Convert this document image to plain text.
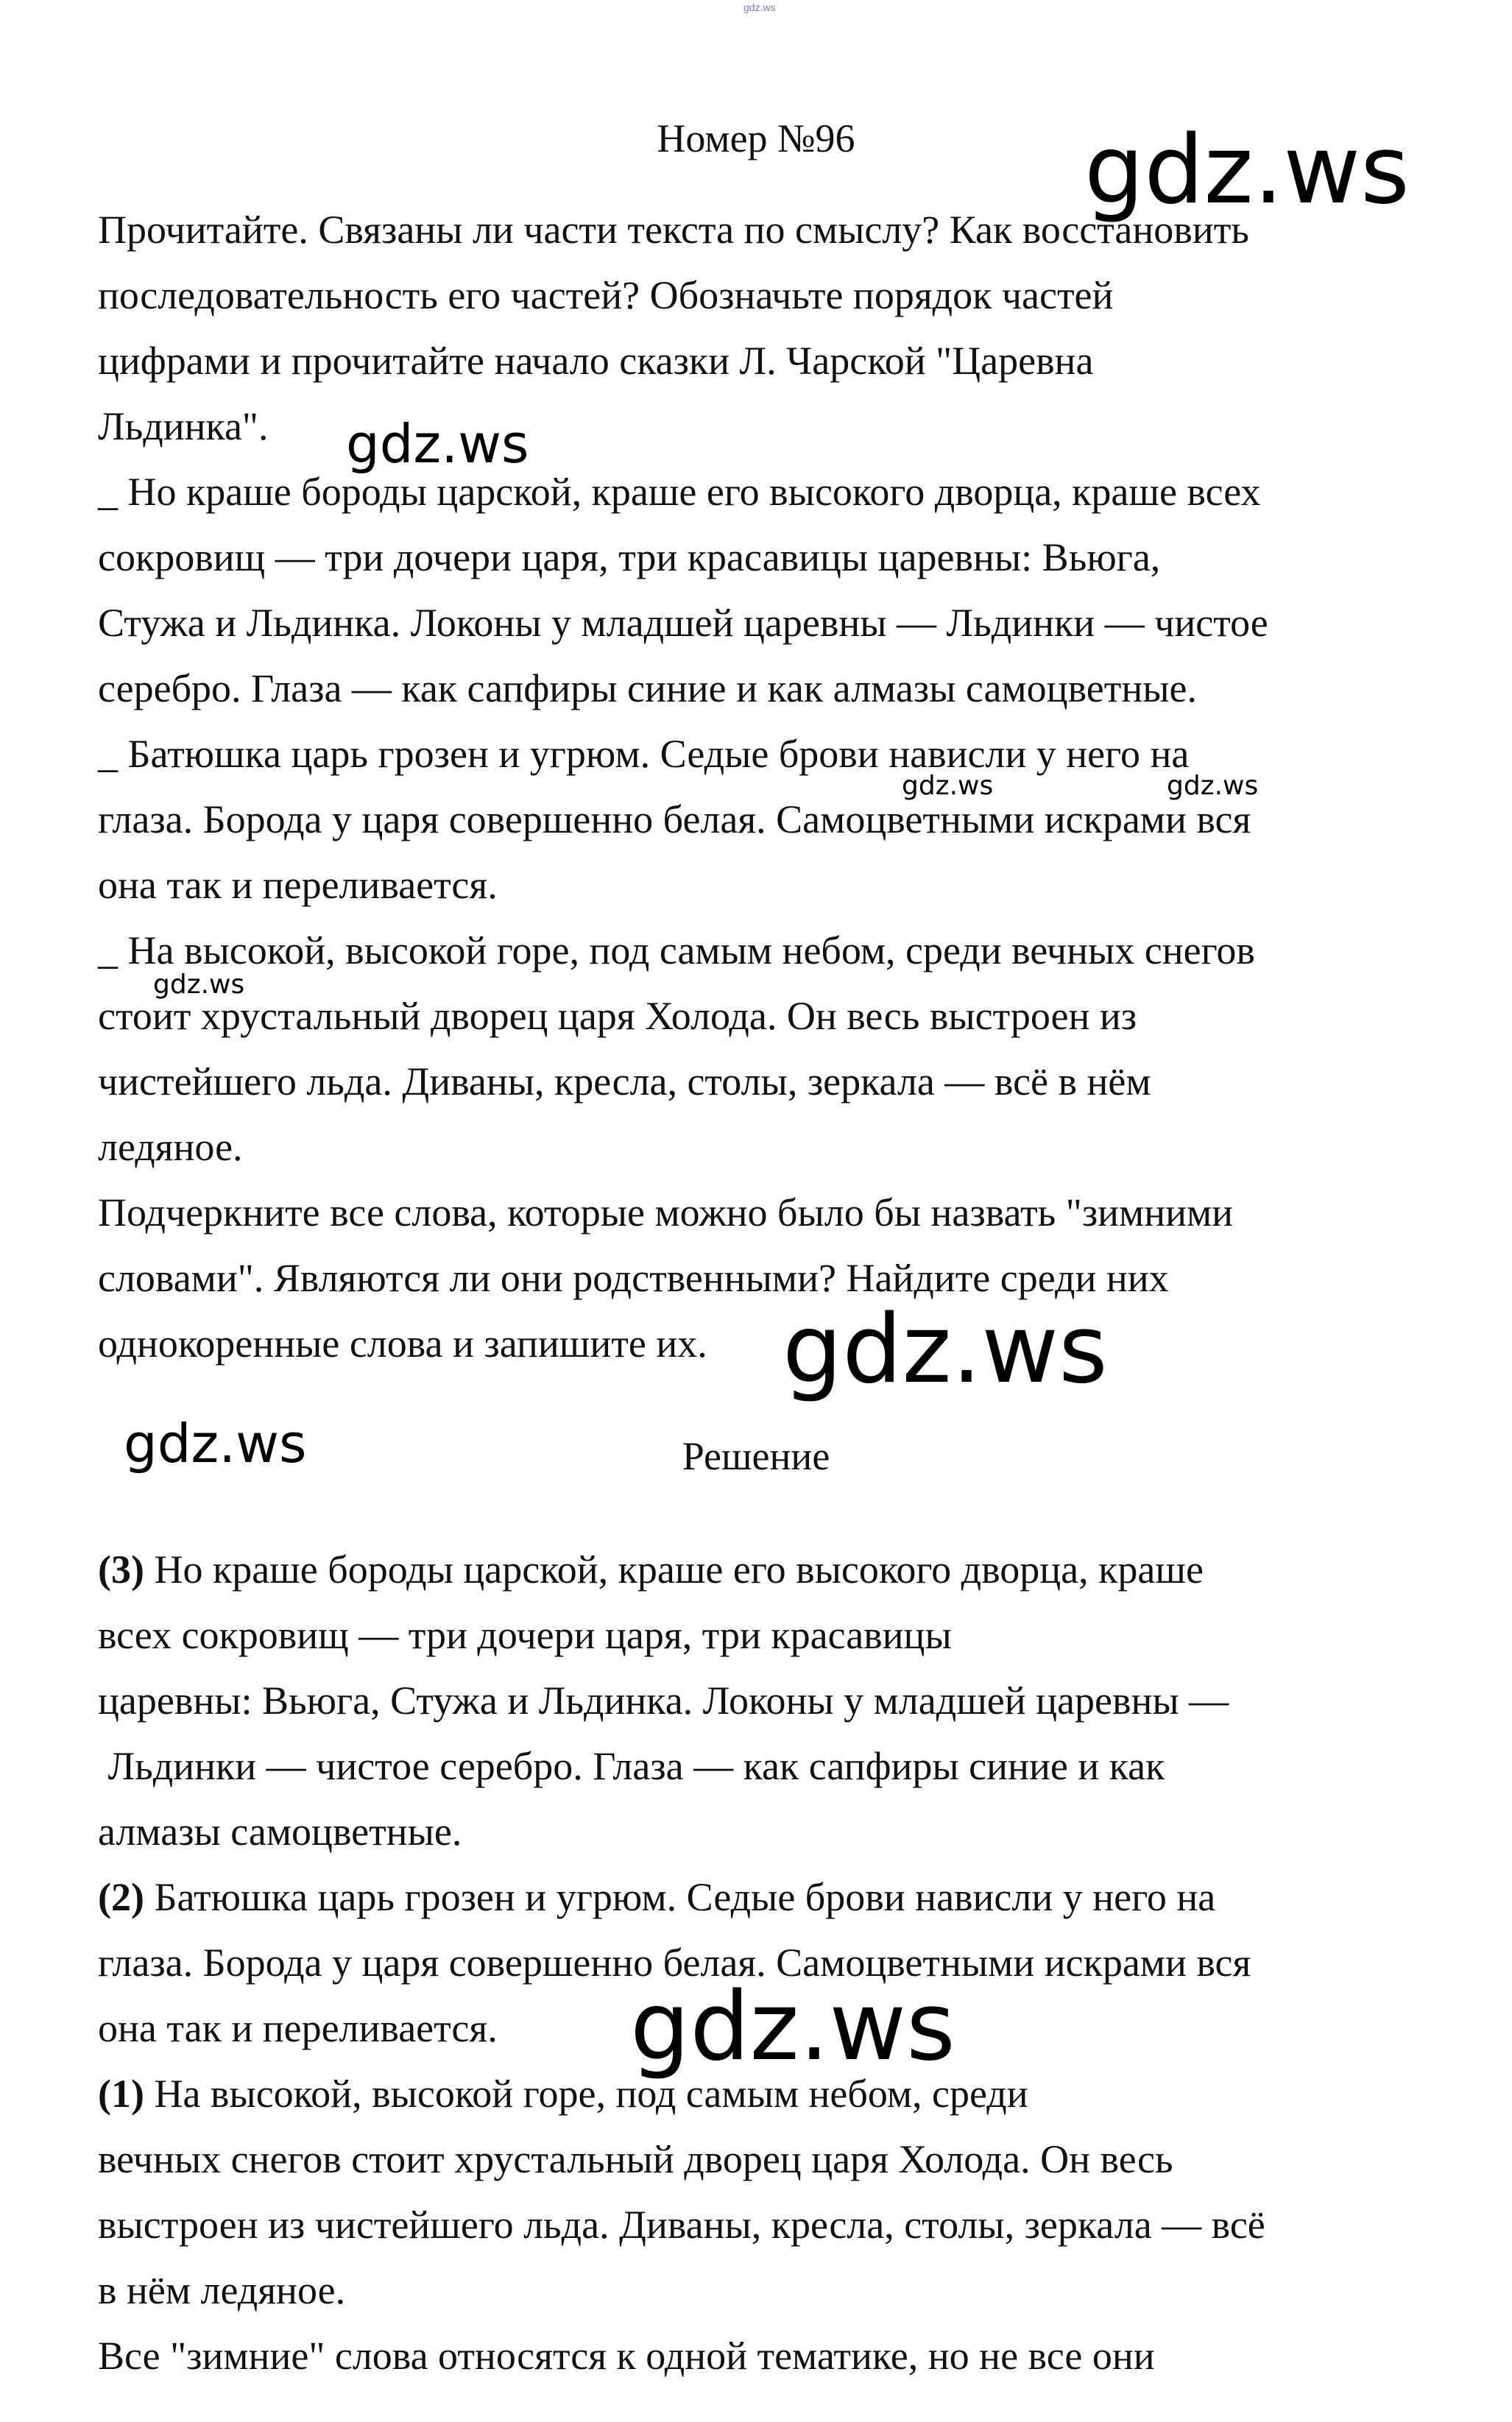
gdz.ws
Номер №96
Прочитайте. Связаны ли части текста по смыслу? Как восстановить
последовательность его частей? Обозначьте порядок частей
цифрами и прочитайте начало сказки Л. Чарской "Царевна
Льдинка".
_ Но краше бороды царской, краше его высокого дворца, краше всех
сокровищ — три дочери царя, три красавицы царевны: Вьюга,
Стужа и Льдинка. Локоны у младшей царевны — Льдинки — чистое
серебро. Глаза — как сапфиры синие и как алмазы самоцветные.
_ Батюшка царь грозен и угрюм. Седые брови нависли у него на
глаза. Борода у царя совершенно белая. Самоцветными искрами вся
она так и переливается.
_ На высокой, высокой горе, под самым небом, среди вечных снегов
стоит хрустальный дворец царя Холода. Он весь выстроен из
чистейшего льда. Диваны, кресла, столы, зеркала — всё в нём
ледяное.
Подчеркните все слова, которые можно было бы назвать "зимними
словами". Являются ли они родственными? Найдите среди них
однокоренные слова и запишите их.
Решение
(3) Но краше бороды царской, краше его высокого дворца, краше
всех сокровищ — три дочери царя, три красавицы
царевны: Вьюга, Стужа и Льдинка. Локоны у младшей царевны —
Льдинки — чистое серебро. Глаза — как сапфиры синие и как
алмазы самоцветные.
(2) Батюшка царь грозен и угрюм. Седые брови нависли у него на
глаза. Борода у царя совершенно белая. Самоцветными искрами вся
она так и переливается.
(1) На высокой, высокой горе, под самым небом, среди
вечных снегов стоит хрустальный дворец царя Холода. Он весь
выстроен из чистейшего льда. Диваны, кресла, столы, зеркала — всё
в нём ледяное.
Все "зимние" слова относятся к одной тематике, но не все они
gdz.ws
gdz.ws
gdz.ws	gdz.ws
gdz.ws
gdz.ws
gdz.ws
gdz.ws
